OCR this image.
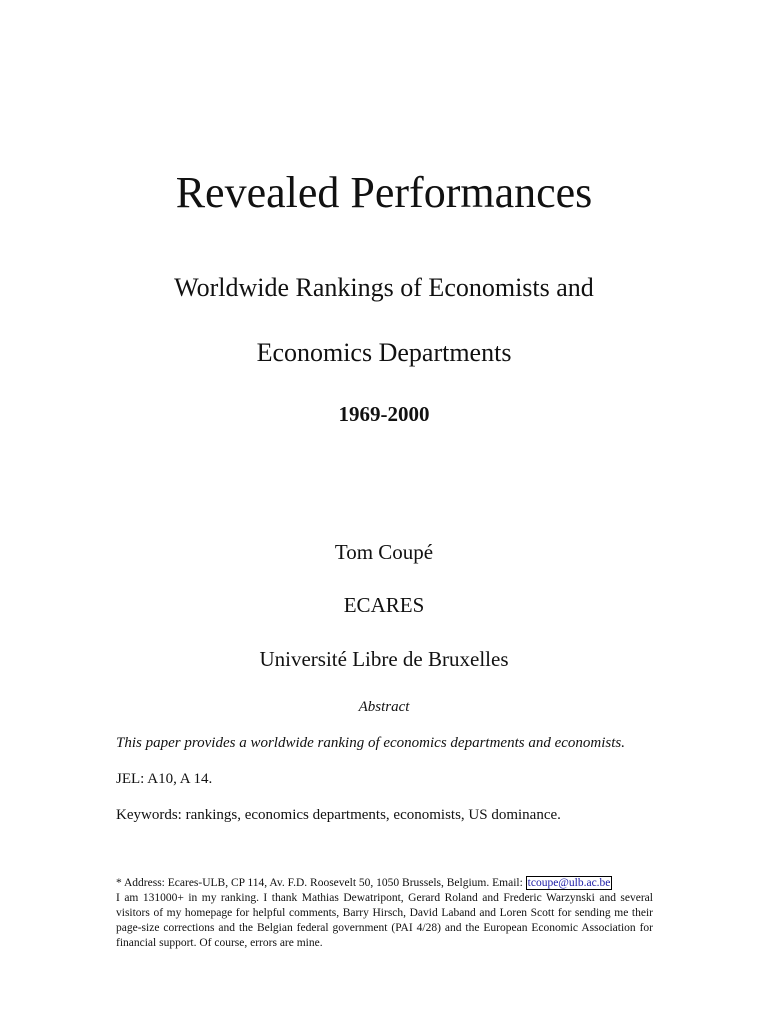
Revealed Performances
Worldwide Rankings of Economists and
Economics Departments
1969-2000
Tom Coupé
ECARES
Université Libre de Bruxelles
Abstract
This paper provides a worldwide ranking of economics departments and economists.
JEL: A10, A 14.
Keywords: rankings, economics departments, economists, US dominance.

* Address: Ecares-ULB, CP 114, Av. F.D. Roosevelt 50, 1050 Brussels, Belgium. Email: tcoupe@ulb.ac.be

I am 131000+ in my ranking. I thank Mathias Dewatripont, Gerard Roland and Frederic Warzynski and several visitors of my homepage for helpful comments, Barry Hirsch, David Laband and Loren Scott for sending me their page-size corrections and the Belgian federal government (PAI 4/28) and the European Economic Association for financial support. Of course, errors are mine.
